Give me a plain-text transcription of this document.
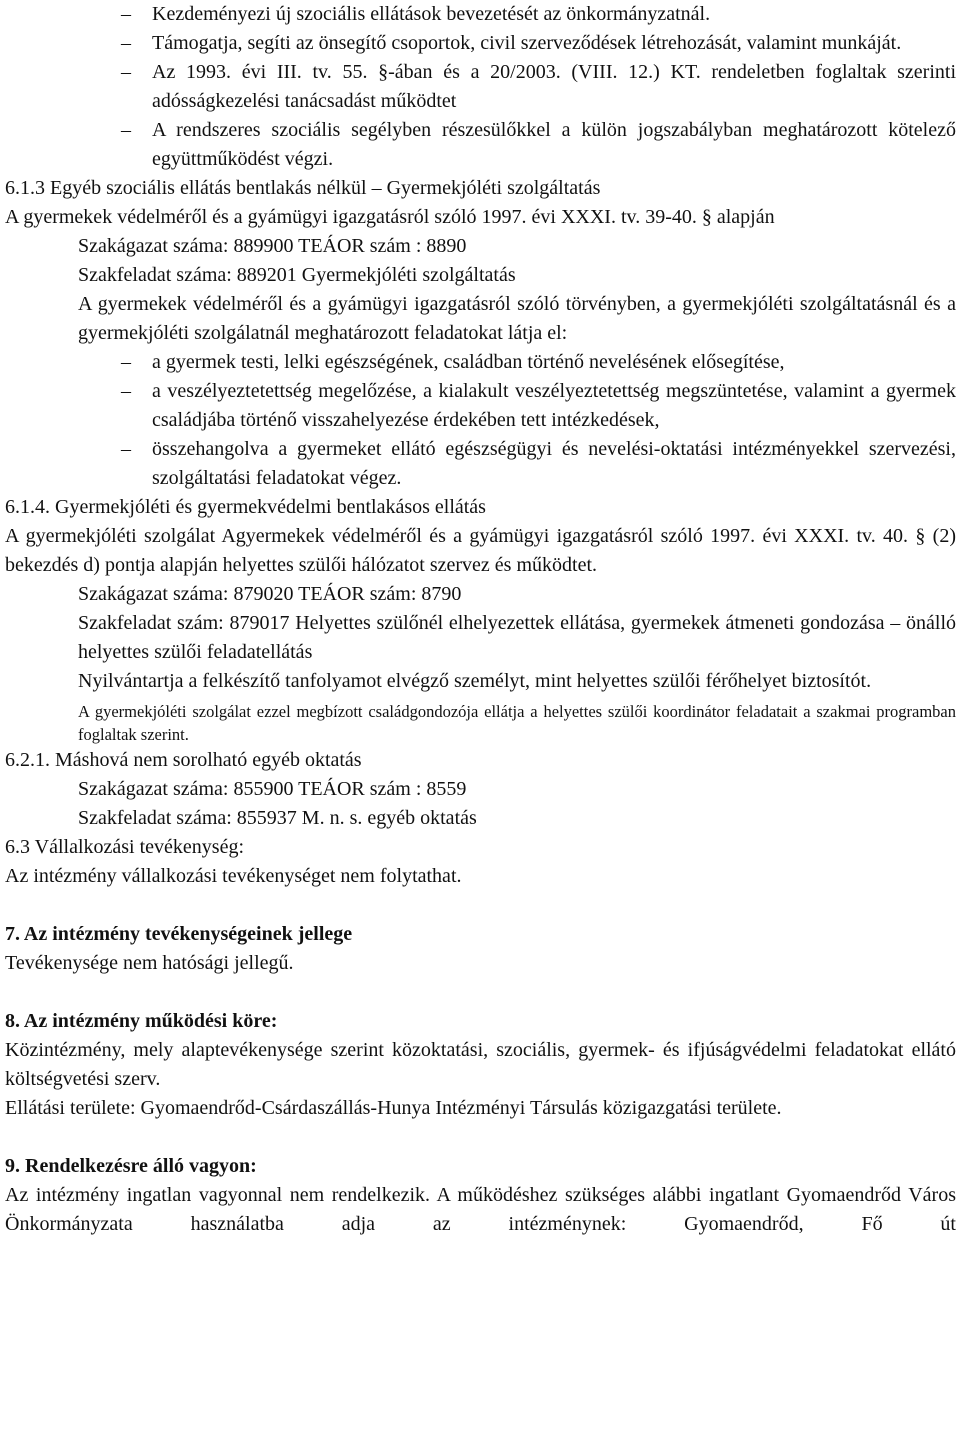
– Kezdeményezi új szociális ellátások bevezetését az önkormányzatnál.

– Támogatja, segíti az önsegítő csoportok, civil szerveződések létrehozását, valamint munkáját.

– Az 1993. évi III. tv. 55. §-ában és a 20/2003. (VIII. 12.) KT. rendeletben foglaltak szerinti adósságkezelési tanácsadást működtet

– A rendszeres szociális segélyben részesülőkkel a külön jogszabályban meghatározott kötelező együttműködést végzi.

6.1.3 Egyéb szociális ellátás bentlakás nélkül – Gyermekjóléti szolgáltatás

A gyermekek védelméről és a gyámügyi igazgatásról szóló 1997. évi XXXI. tv. 39-40. § alapján

Szakágazat száma: 889900 TEÁOR szám : 8890

Szakfeladat száma: 889201 Gyermekjóléti szolgáltatás

A gyermekek védelméről és a gyámügyi igazgatásról szóló törvényben, a gyermekjóléti szolgáltatásnál és a gyermekjóléti szolgálatnál meghatározott feladatokat látja el:

– a gyermek testi, lelki egészségének, családban történő nevelésének elősegítése,

– a veszélyeztetettség megelőzése, a kialakult veszélyeztetettség megszüntetése, valamint a gyermek családjába történő visszahelyezése érdekében tett intézkedések,

– összehangolva a gyermeket ellátó egészségügyi és nevelési-oktatási intézményekkel szervezési, szolgáltatási feladatokat végez.

6.1.4. Gyermekjóléti és gyermekvédelmi bentlakásos ellátás

A gyermekjóléti szolgálat Agyermekek védelméről és a gyámügyi igazgatásról szóló 1997. évi XXXI. tv. 40. § (2) bekezdés d) pontja alapján helyettes szülői hálózatot szervez és működtet.

Szakágazat száma: 879020 TEÁOR szám: 8790

Szakfeladat szám: 879017 Helyettes szülőnél elhelyezettek ellátása, gyermekek átmeneti gondozása – önálló helyettes szülői feladatellátás

Nyilvántartja a felkészítő tanfolyamot elvégző személyt, mint helyettes szülői férőhelyet biztosítót.

A gyermekjóléti szolgálat ezzel megbízott családgondozója ellátja a helyettes szülői koordinátor feladatait a szakmai programban foglaltak szerint.

6.2.1. Máshová nem sorolható egyéb oktatás

Szakágazat száma: 855900 TEÁOR szám : 8559

Szakfeladat száma: 855937 M. n. s. egyéb oktatás

6.3 Vállalkozási tevékenység:

Az intézmény vállalkozási tevékenységet nem folytathat.

7. Az intézmény tevékenységeinek jellege

Tevékenysége nem hatósági jellegű.

8. Az intézmény működési köre:

Közintézmény, mely alaptevékenysége szerint közoktatási, szociális, gyermek- és ifjúságvédelmi feladatokat ellátó költségvetési szerv.

Ellátási területe: Gyomaendrőd-Csárdaszállás-Hunya Intézményi Társulás közigazgatási területe.

9. Rendelkezésre álló vagyon:

Az intézmény ingatlan vagyonnal nem rendelkezik. A működéshez szükséges alábbi ingatlant Gyomaendrőd Város Önkormányzata használatba adja az intézménynek: Gyomaendrőd, Fő út
